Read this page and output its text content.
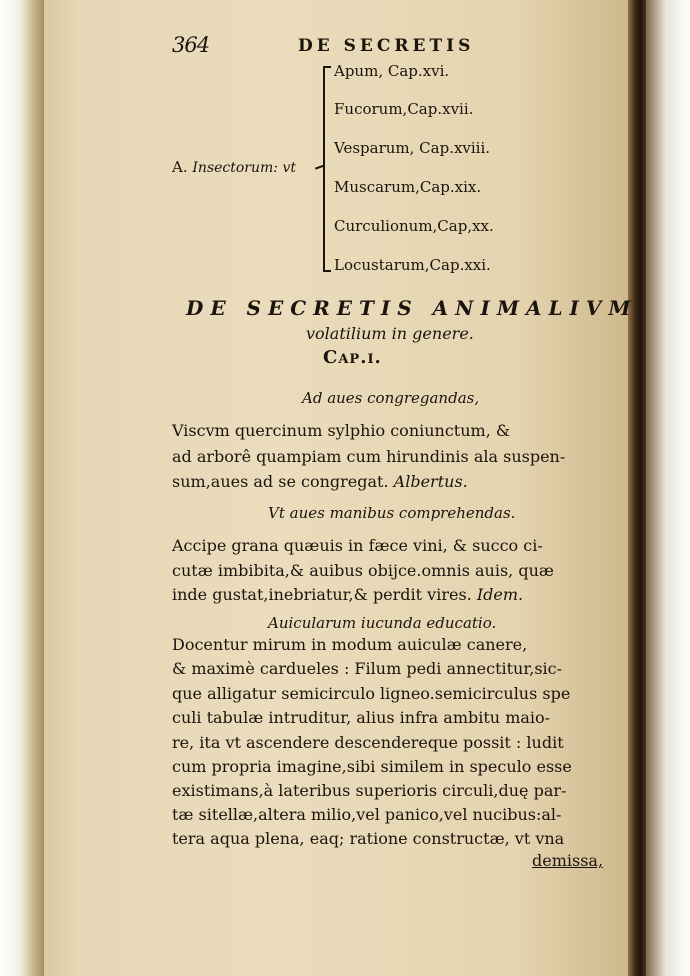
364	DE SECRETIS
A. Insectorum: vt
Apum, Cap.xvi.
Fucorum,Cap.xvii.
Vesparum, Cap.xviii.
Muscarum,Cap.xix.
Curculionum,Cap,xx.
Locustarum,Cap.xxi.
DE SECRETIS ANIMALIVM
volatilium in genere.
Cap.i.
Ad aues congregandas,
Viscvm quercinum sylphio coniunctum, &
ad arborê quampiam cum hirundinis ala suspen-
sum,aues ad se congregat. Albertus.
Vt aues manibus comprehendas.
Accipe grana quæuis in fæce vini, & succo ci-
cutæ imbibita,& auibus obijce.omnis auis, quæ
inde gustat,inebriatur,& perdit vires. Idem.
Auicularum iucunda educatio.
Docentur mirum in modum auiculæ canere,
& maximè cardueles : Filum pedi annectitur,sic-
que alligatur semicirculo ligneo.semicirculus spe
culi tabulæ intruditur, alius infra ambitu maio-
re, ita vt ascendere descendereque possit : ludit
cum propria imagine,sibi similem in speculo esse
existimans,à lateribus superioris circuli,duę par-
tæ sitellæ,altera milio,vel panico,vel nucibus:al-
tera aqua plena, eaq; ratione constructæ, vt vna
demissa,
